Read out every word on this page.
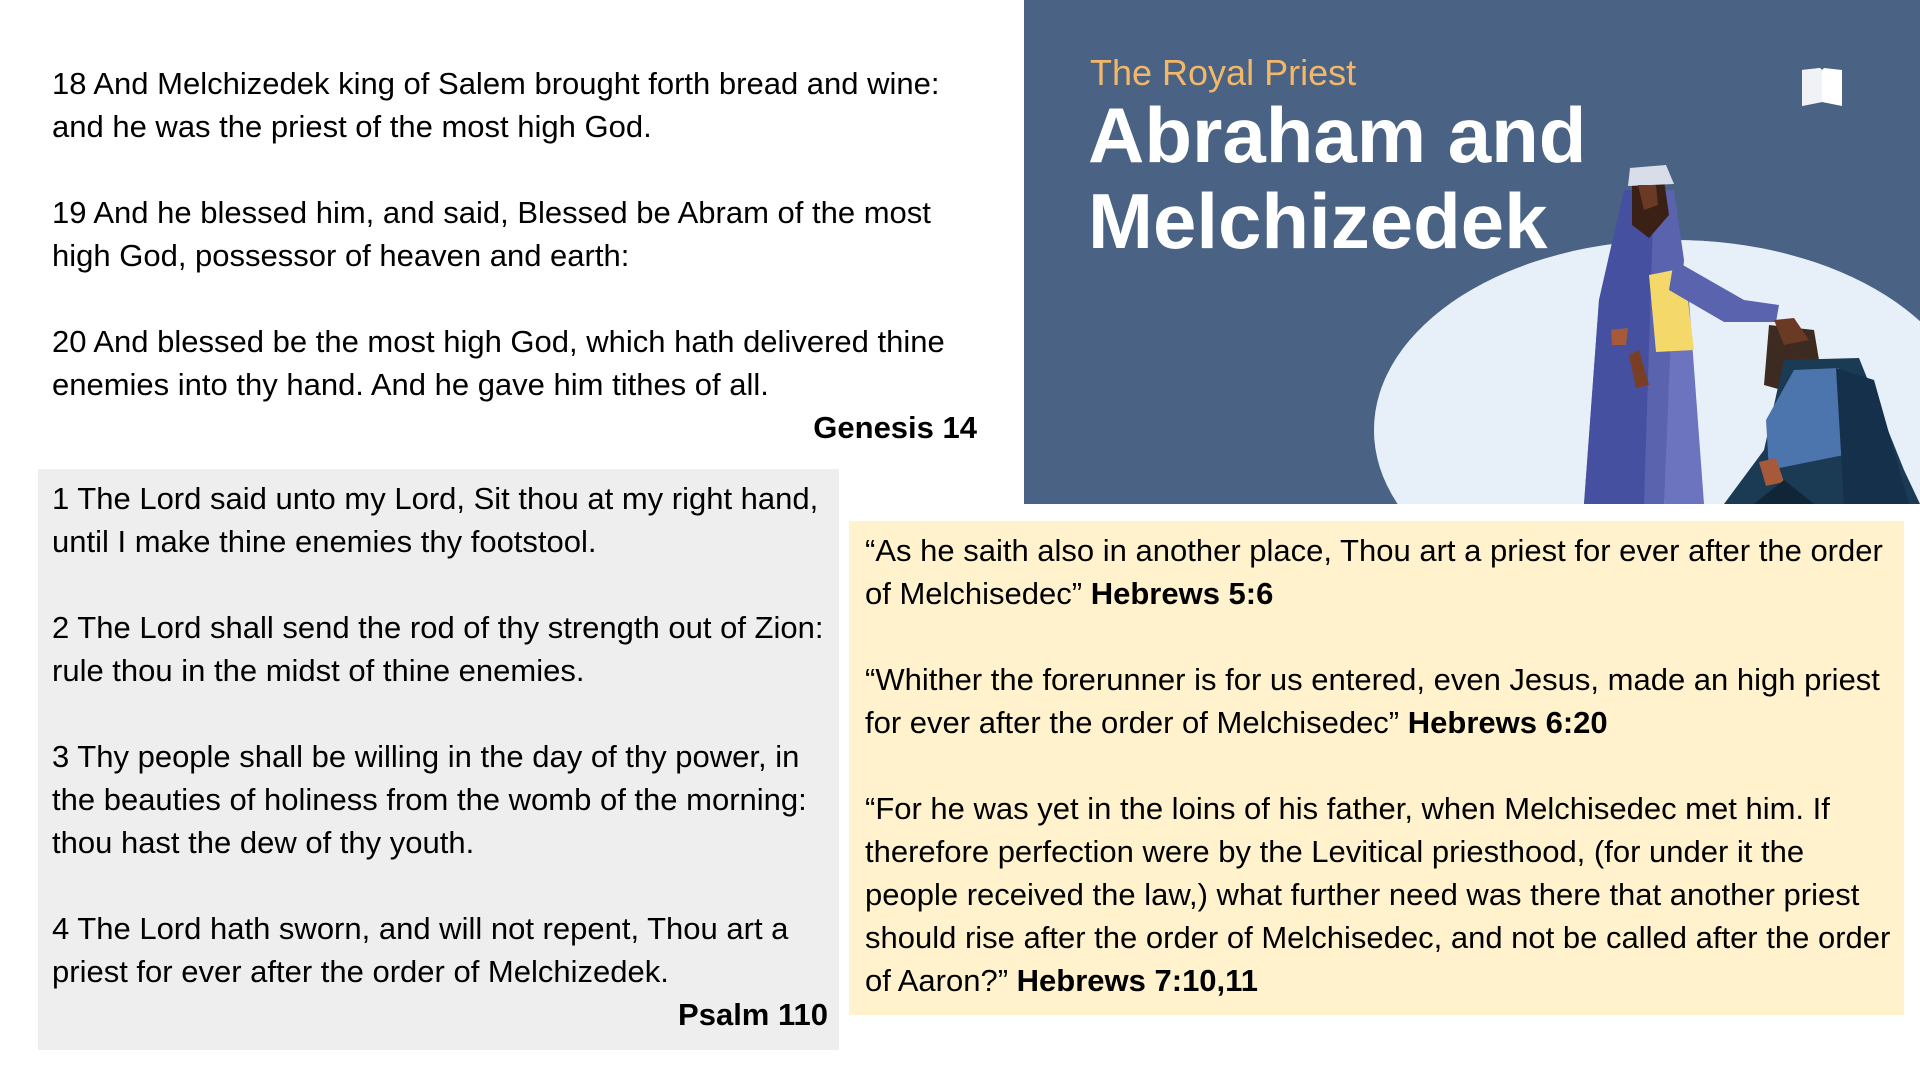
18 And Melchizedek king of Salem brought forth bread and wine: and he was the priest of the most high God.

19 And he blessed him, and said, Blessed be Abram of the most high God, possessor of heaven and earth:

20 And blessed be the most high God, which hath delivered thine enemies into thy hand. And he gave him tithes of all.

Genesis 14

The Royal Priest
Abraham and Melchizedek

1 The Lord said unto my Lord, Sit thou at my right hand, until I make thine enemies thy footstool.

2 The Lord shall send the rod of thy strength out of Zion: rule thou in the midst of thine enemies.

3 Thy people shall be willing in the day of thy power, in the beauties of holiness from the womb of the morning: thou hast the dew of thy youth.

4 The Lord hath sworn, and will not repent, Thou art a priest for ever after the order of Melchizedek.

Psalm 110

“As he saith also in another place, Thou art a priest for ever after the order of Melchisedec” Hebrews 5:6

“Whither the forerunner is for us entered, even Jesus, made an high priest for ever after the order of Melchisedec” Hebrews 6:20

“For he was yet in the loins of his father, when Melchisedec met him. If therefore perfection were by the Levitical priesthood, (for under it the people received the law,) what further need was there that another priest should rise after the order of Melchisedec, and not be called after the order of Aaron?” Hebrews 7:10,11
